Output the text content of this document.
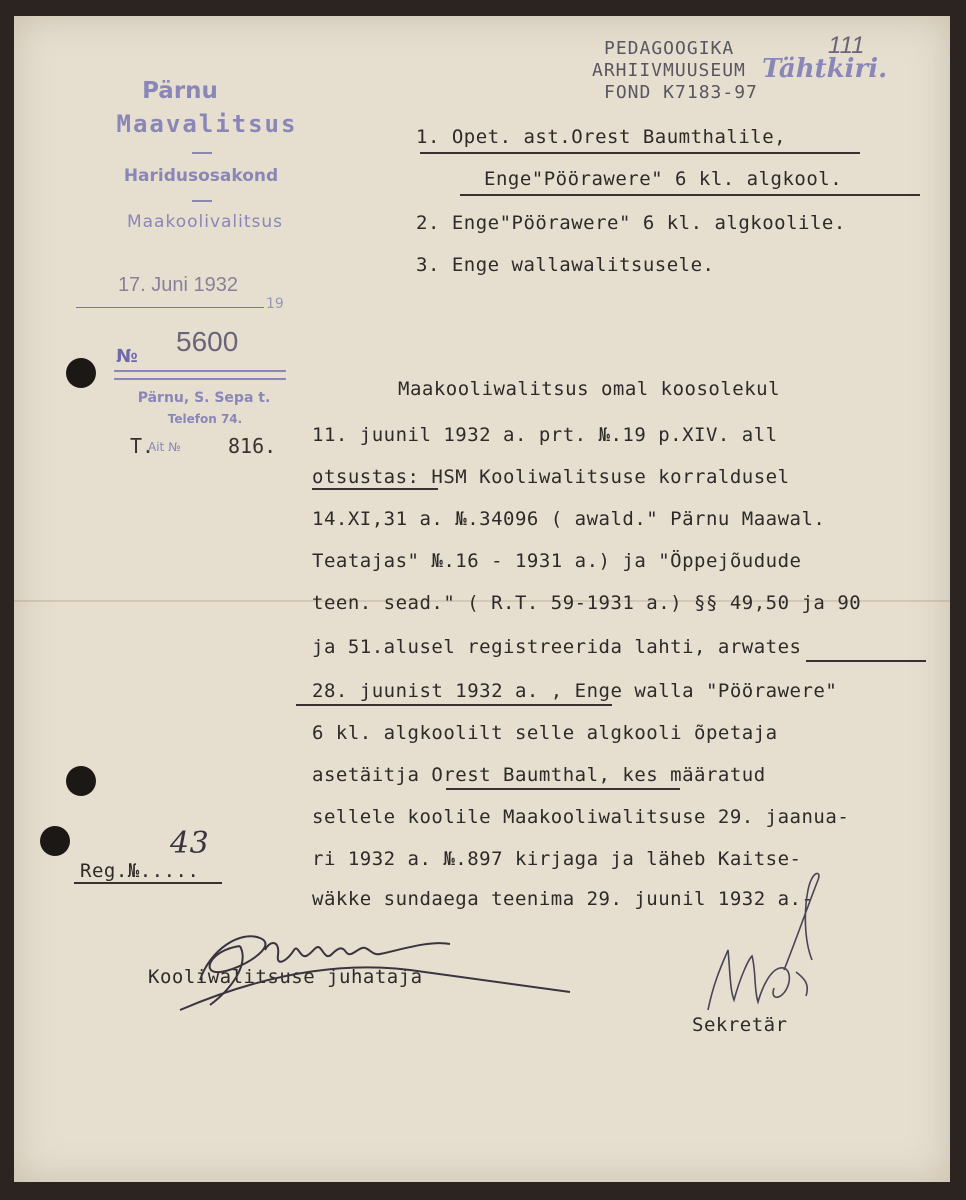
Pärnu
Maavalitsus
Haridusosakond
Maakoolivalitsus
17. Juni 1932
19
№ 5600
Pärnu, S. Sepa t.
Telefon 74.
T.
Ait № 816.
PEDAGOOGIKA
ARHIIVMUUSEUM
FOND K7183-97
Tähtkiri.
111
1. Opet. ast.Orest Baumthalile,
Enge"Pöörawere" 6 kl. algkool.
2. Enge"Pöörawere" 6 kl. algkoolile.
3. Enge wallawalitsusele.
Maakooliwalitsus omal koosolekul
11. juunil 1932 a. prt. №.19 p.XIV. all
otsustas: HSM Kooliwalitsuse korraldusel
14.XI,31 a. №.34096 ( awald." Pärnu Maawal.
Teatajas" №.16 - 1931 a.) ja "Öppejõudude
teen. sead." ( R.T. 59-1931 a.) §§ 49,50 ja 90
ja 51.alusel registreerida lahti, arwates
28. juunist 1932 a. , Enge walla "Pöörawere"
6 kl. algkoolilt selle algkooli õpetaja
asetäitja Orest Baumthal, kes määratud
sellele koolile Maakooliwalitsuse 29. jaanua-
ri 1932 a. №.897 kirjaga ja läheb Kaitse-
wäkke sundaega teenima 29. juunil 1932 a.-
Reg.№.....
43
Kooliwalitsuse juhataja
Sekretär
